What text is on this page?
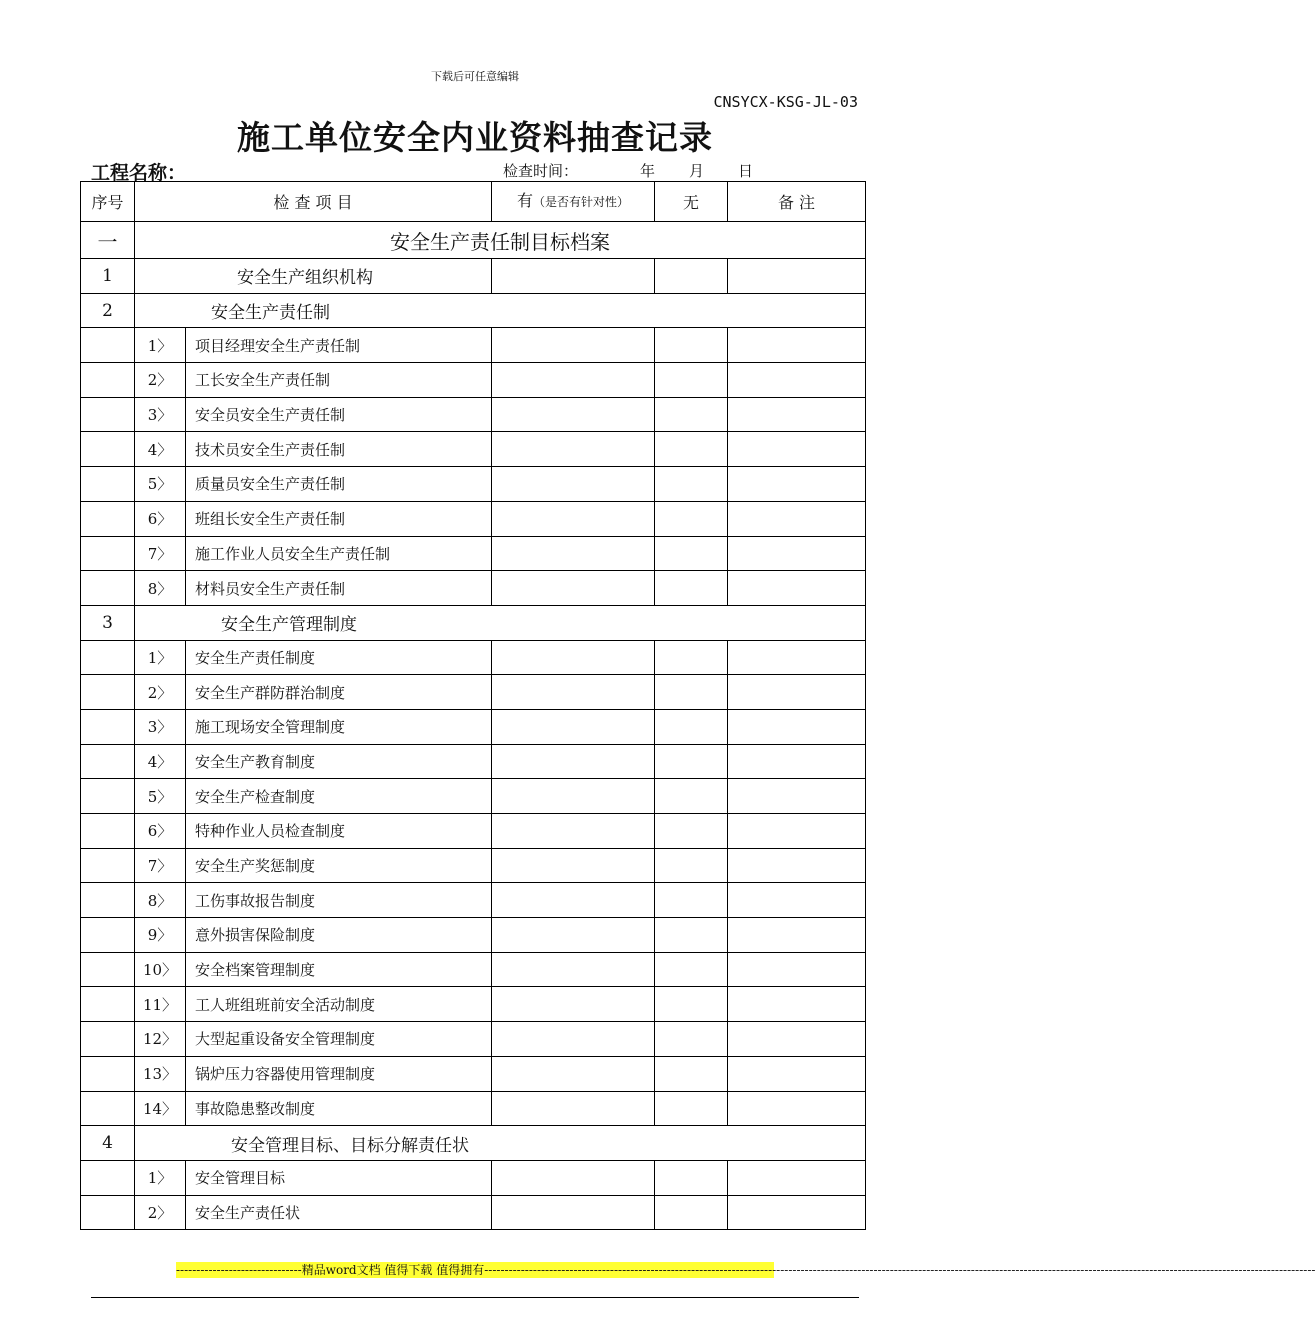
下载后可任意编辑
CNSYCX-KSG-JL-03
施工单位安全内业资料抽查记录
工程名称：	检查时间：	年 月 日
序号	检 查 项 目		有（是否有针对性）	无	备 注
一	安全生产责任制目标档案				
1	安全生产组织机构				
2	安全生产责任制				
	1〉	项目经理安全生产责任制			
	2〉	工长安全生产责任制			
	3〉	安全员安全生产责任制			
	4〉	技术员安全生产责任制			
	5〉	质量员安全生产责任制			
	6〉	班组长安全生产责任制			
	7〉	施工作业人员安全生产责任制			
	8〉	材料员安全生产责任制			
3	安全生产管理制度				
	1〉	安全生产责任制度			
	2〉	安全生产群防群治制度			
	3〉	施工现场安全管理制度			
	4〉	安全生产教育制度			
	5〉	安全生产检查制度			
	6〉	特种作业人员检查制度			
	7〉	安全生产奖惩制度			
	8〉	工伤事故报告制度			
	9〉	意外损害保险制度			
	10〉	安全档案管理制度			
	11〉	工人班组班前安全活动制度			
	12〉	大型起重设备安全管理制度			
	13〉	锅炉压力容器使用管理制度			
	14〉	事故隐患整改制度			
4	安全管理目标、目标分解责任状				
	1〉	安全管理目标			
	2〉	安全生产责任状			
-------------------------------精品word文档 值得下载 值得拥有-------------------------------------------------------------------------------------------------------------------------------------------------------------------------------------------------------------
